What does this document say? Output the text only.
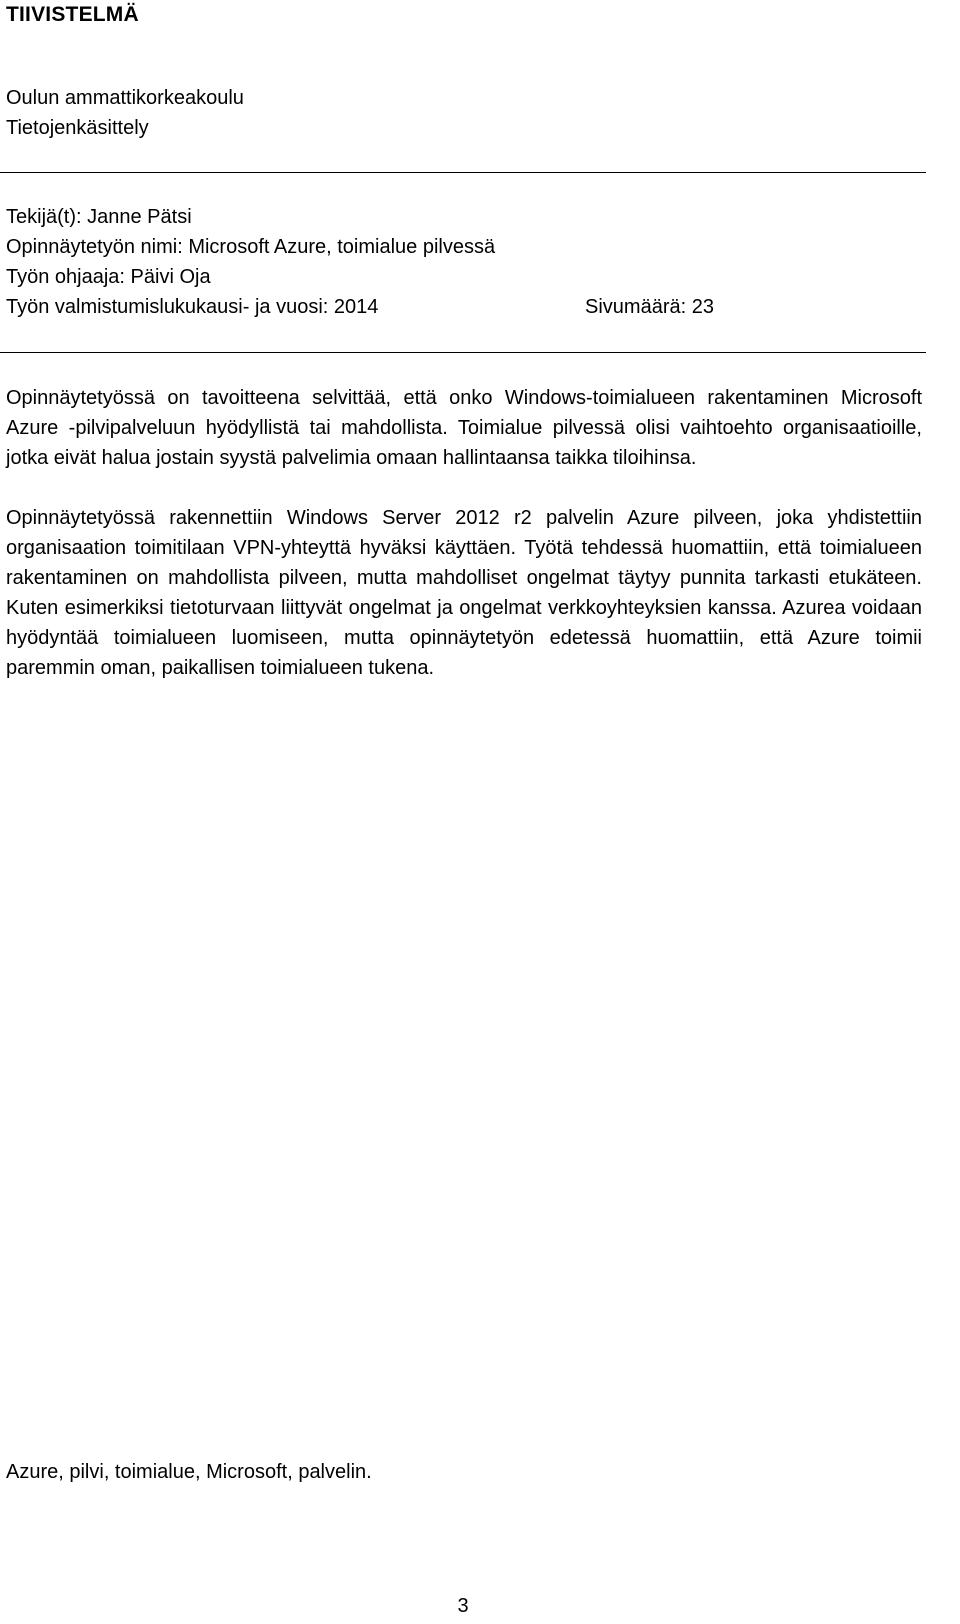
TIIVISTELMÄ
Oulun ammattikorkeakoulu
Tietojenkäsittely
Tekijä(t): Janne Pätsi
Opinnäytetyön nimi: Microsoft Azure, toimialue pilvessä
Työn ohjaaja: Päivi Oja
Työn valmistumislukukausi- ja vuosi: 2014	Sivumäärä: 23

Opinnäytetyössä on tavoitteena selvittää, että onko Windows-toimialueen rakentaminen Microsoft Azure -pilvipalveluun hyödyllistä tai mahdollista. Toimialue pilvessä olisi vaihtoehto organisaatioille, jotka eivät halua jostain syystä palvelimia omaan hallintaansa taikka tiloihinsa.

Opinnäytetyössä rakennettiin Windows Server 2012 r2 palvelin Azure pilveen, joka yhdistettiin organisaation toimitilaan VPN-yhteyttä hyväksi käyttäen. Työtä tehdessä huomattiin, että toimialueen rakentaminen on mahdollista pilveen, mutta mahdolliset ongelmat täytyy punnita tarkasti etukäteen. Kuten esimerkiksi tietoturvaan liittyvät ongelmat ja ongelmat verkkoyhteyksien kanssa. Azurea voidaan hyödyntää toimialueen luomiseen, mutta opinnäytetyön edetessä huomattiin, että Azure toimii paremmin oman, paikallisen toimialueen tukena.

Azure, pilvi, toimialue, Microsoft, palvelin.
3
